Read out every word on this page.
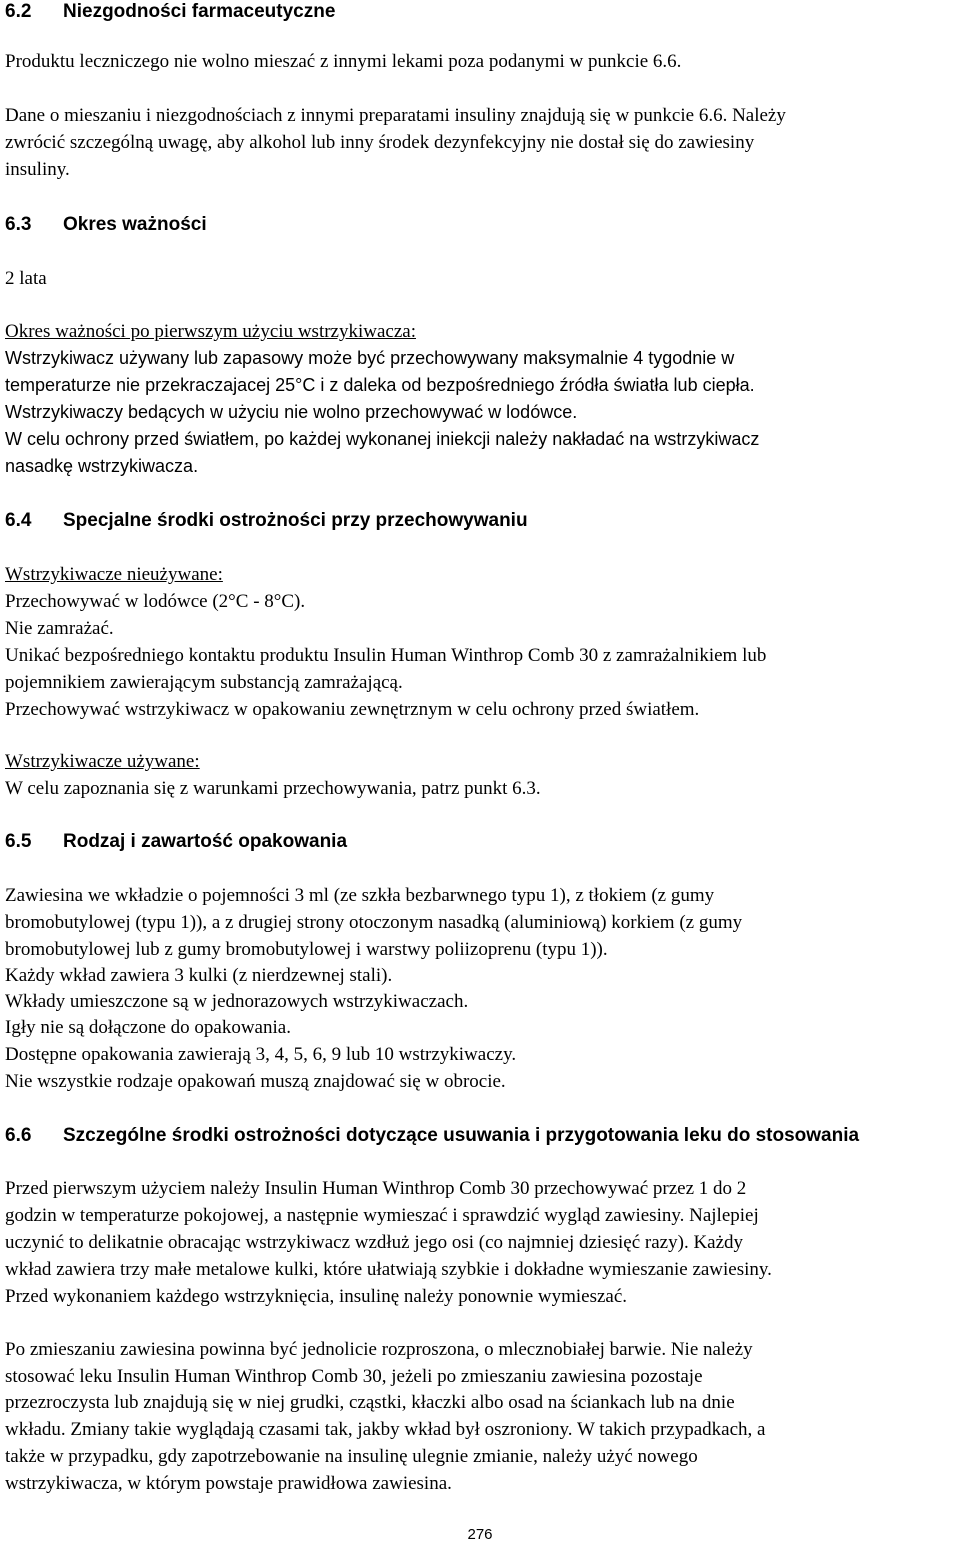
6.2 Niezgodności farmaceutyczne
Produktu leczniczego nie wolno mieszać z innymi lekami poza podanymi w punkcie 6.6.
Dane o mieszaniu i niezgodnościach z innymi preparatami insuliny znajdują się w punkcie 6.6. Należy
zwrócić szczególną uwagę, aby alkohol lub inny środek dezynfekcyjny nie dostał się do zawiesiny
insuliny.
6.3 Okres ważności
2 lata
Okres ważności po pierwszym użyciu wstrzykiwacza:
Wstrzykiwacz używany lub zapasowy może być przechowywany maksymalnie 4 tygodnie w
temperaturze nie przekraczajacej 25°C i z daleka od bezpośredniego źródła światła lub ciepła.
Wstrzykiwaczy bedących w użyciu nie wolno przechowywać w lodówce.
W celu ochrony przed światłem, po każdej wykonanej iniekcji należy nakładać na wstrzykiwacz
nasadkę wstrzykiwacza.
6.4 Specjalne środki ostrożności przy przechowywaniu
Wstrzykiwacze nieużywane:
Przechowywać w lodówce (2°C - 8°C).
Nie zamrażać.
Unikać bezpośredniego kontaktu produktu Insulin Human Winthrop Comb 30 z zamrażalnikiem lub
pojemnikiem zawierającym substancją zamrażającą.
Przechowywać wstrzykiwacz w opakowaniu zewnętrznym w celu ochrony przed światłem.
Wstrzykiwacze używane:
W celu zapoznania się z warunkami przechowywania, patrz punkt 6.3.
6.5 Rodzaj i zawartość opakowania
Zawiesina we wkładzie o pojemności 3 ml (ze szkła bezbarwnego typu 1), z tłokiem (z gumy
bromobutylowej (typu 1)), a z drugiej strony otoczonym nasadką (aluminiową) korkiem (z gumy
bromobutylowej lub z gumy bromobutylowej i warstwy poliizoprenu (typu 1)).
Każdy wkład zawiera 3 kulki (z nierdzewnej stali).
Wkłady umieszczone są w jednorazowych wstrzykiwaczach.
Igły nie są dołączone do opakowania.
Dostępne opakowania zawierają 3, 4, 5, 6, 9 lub 10 wstrzykiwaczy.
Nie wszystkie rodzaje opakowań muszą znajdować się w obrocie.
6.6 Szczególne środki ostrożności dotyczące usuwania i przygotowania leku do stosowania
Przed pierwszym użyciem należy Insulin Human Winthrop Comb 30 przechowywać przez 1 do 2
godzin w temperaturze pokojowej, a następnie wymieszać i sprawdzić wygląd zawiesiny. Najlepiej
uczynić to delikatnie obracając wstrzykiwacz wzdłuż jego osi (co najmniej dziesięć razy). Każdy
wkład zawiera trzy małe metalowe kulki, które ułatwiają szybkie i dokładne wymieszanie zawiesiny.
Przed wykonaniem każdego wstrzyknięcia, insulinę należy ponownie wymieszać.
Po zmieszaniu zawiesina powinna być jednolicie rozproszona, o mlecznobiałej barwie. Nie należy
stosować leku Insulin Human Winthrop Comb 30, jeżeli po zmieszaniu zawiesina pozostaje
przezroczysta lub znajdują się w niej grudki, cząstki, kłaczki albo osad na ściankach lub na dnie
wkładu. Zmiany takie wyglądają czasami tak, jakby wkład był oszroniony. W takich przypadkach, a
także w przypadku, gdy zapotrzebowanie na insulinę ulegnie zmianie, należy użyć nowego
wstrzykiwacza, w którym powstaje prawidłowa zawiesina.
276
